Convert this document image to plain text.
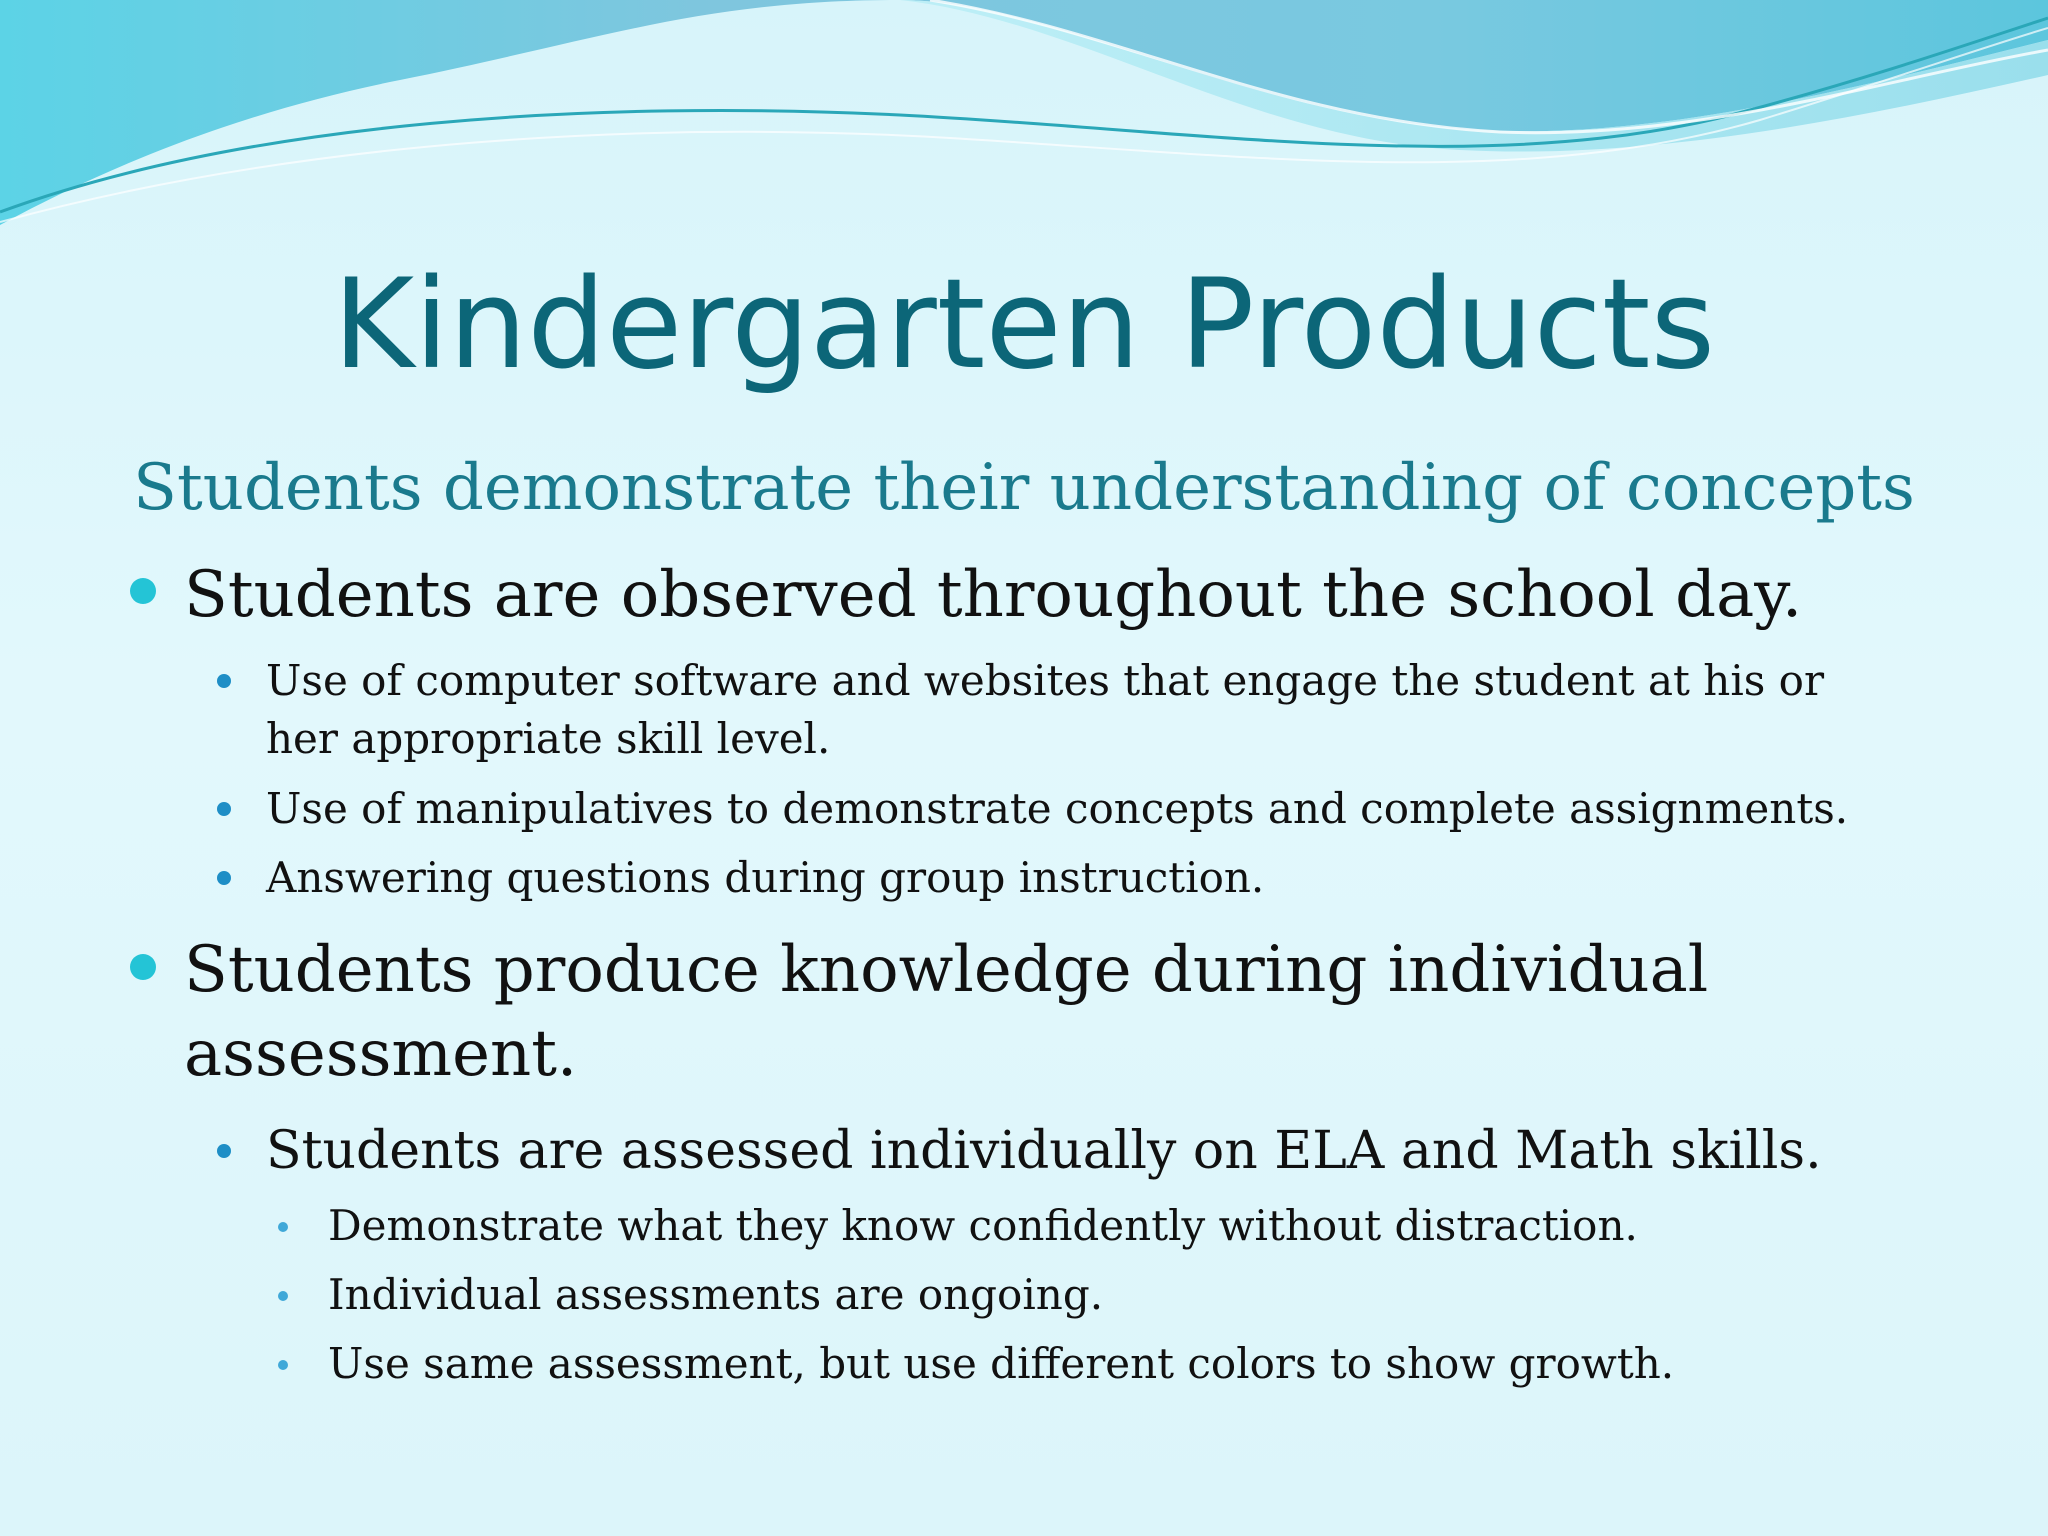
Kindergarten Products
Students demonstrate their understanding of concepts
Students are observed throughout the school day.
Use of computer software and websites that engage the student at his or her appropriate skill level.
Use of manipulatives to demonstrate concepts and complete assignments.
Answering questions during group instruction.
Students produce knowledge during individual assessment.
Students are assessed individually on ELA and Math skills.
Demonstrate what they know confidently without distraction.
Individual assessments are ongoing.
Use same assessment, but use different colors to show growth.
